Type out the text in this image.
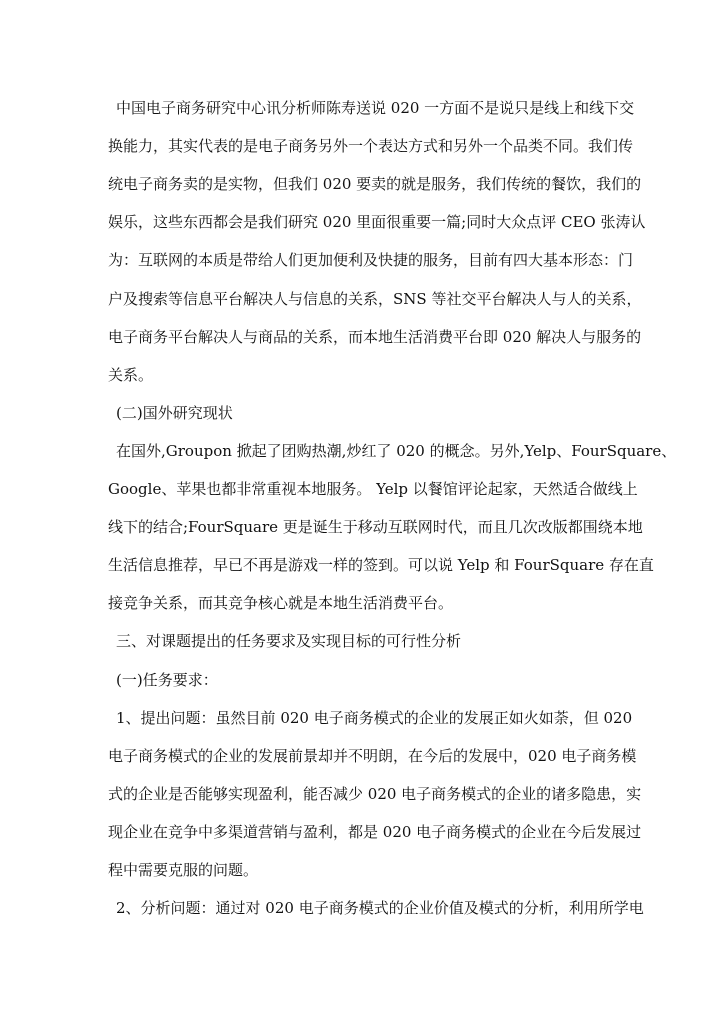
中国电子商务研究中心讯分析师陈寿送说 020 一方面不是说只是线上和线下交
换能力，其实代表的是电子商务另外一个表达方式和另外一个品类不同。我们传
统电子商务卖的是实物，但我们 020 要卖的就是服务，我们传统的餐饮，我们的
娱乐，这些东西都会是我们研究 020 里面很重要一篇;同时大众点评 CEO 张涛认
为：互联网的本质是带给人们更加便利及快捷的服务，目前有四大基本形态：门
户及搜索等信息平台解决人与信息的关系，SNS 等社交平台解决人与人的关系，
电子商务平台解决人与商品的关系，而本地生活消费平台即 020 解决人与服务的
关系。
(二)国外研究现状
在国外,Groupon 掀起了团购热潮,炒红了 020 的概念。另外,Yelp、FourSquare、
Google、苹果也都非常重视本地服务。 Yelp 以餐馆评论起家，天然适合做线上
线下的结合;FourSquare 更是诞生于移动互联网时代，而且几次改版都围绕本地
生活信息推荐，早已不再是游戏一样的签到。可以说 Yelp 和 FourSquare 存在直
接竞争关系，而其竞争核心就是本地生活消费平台。
三、对课题提出的任务要求及实现目标的可行性分析
(一)任务要求：
1、提出问题：虽然目前 020 电子商务模式的企业的发展正如火如荼，但 020
电子商务模式的企业的发展前景却并不明朗，在今后的发展中，020 电子商务模
式的企业是否能够实现盈利，能否减少 020 电子商务模式的企业的诸多隐患，实
现企业在竞争中多渠道营销与盈利，都是 020 电子商务模式的企业在今后发展过
程中需要克服的问题。
2、分析问题：通过对 020 电子商务模式的企业价值及模式的分析，利用所学电
